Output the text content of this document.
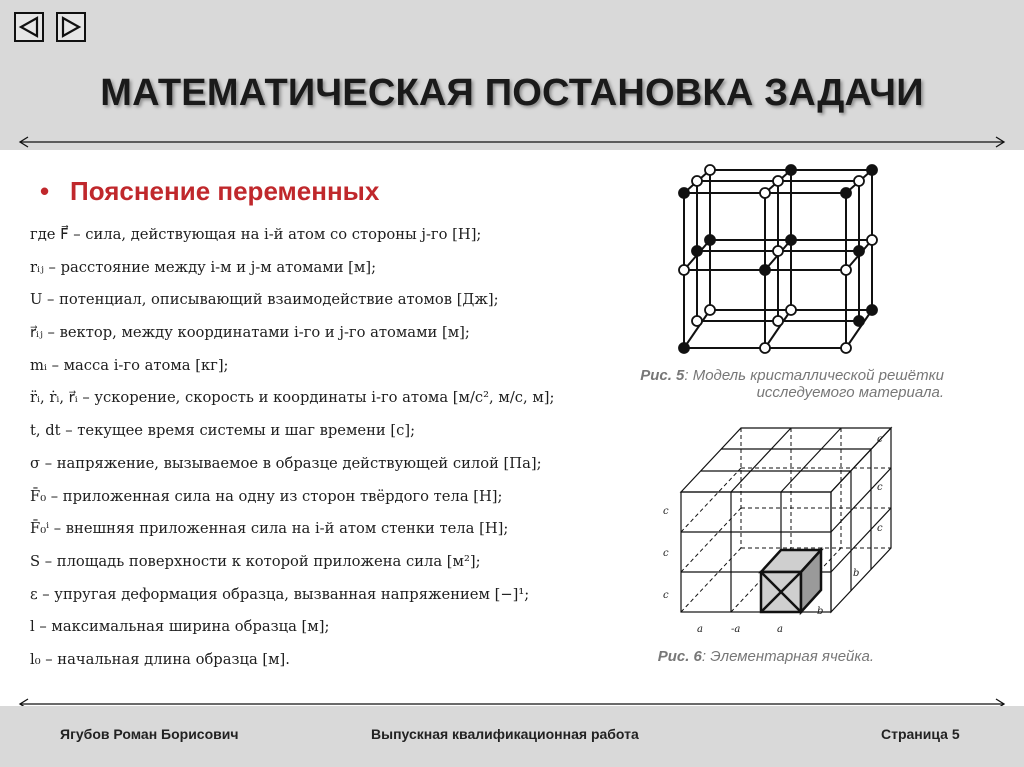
МАТЕМАТИЧЕСКАЯ ПОСТАНОВКА ЗАДАЧИ
• Пояснение переменных
где F⃗ – сила, действующая на i-й атом со стороны j-го [Н];
rᵢⱼ – расстояние между i-м и j-м атомами [м];
U – потенциал, описывающий взаимодействие атомов [Дж];
r⃗ᵢⱼ – вектор, между координатами i-го и j-го атомами [м];
mᵢ – масса i-го атома [кг];
r̈ᵢ, ṙᵢ, r⃗ᵢ – ускорение, скорость и координаты i-го атома [м/с², м/с, м];
t, dt – текущее время системы и шаг времени [с];
σ – напряжение, вызываемое в образце действующей силой [Па];
F̄₀ – приложенная сила на одну из сторон твёрдого тела [Н];
F̄₀ⁱ – внешняя приложенная сила на i-й атом стенки тела [Н];
S – площадь поверхности к которой приложена сила [м²];
ε – упругая деформация образца, вызванная напряжением [−]¹;
l – максимальная ширина образца [м];
l₀ – начальная длина образца [м].
Рис. 5: Модель кристаллической решётки
исследуемого материала.
c
c
c
c
c
c
b
b
a	-a	a
Рис. 6: Элементарная ячейка.
Ягубов Роман Борисович	Выпускная квалификационная работа	Страница 5
